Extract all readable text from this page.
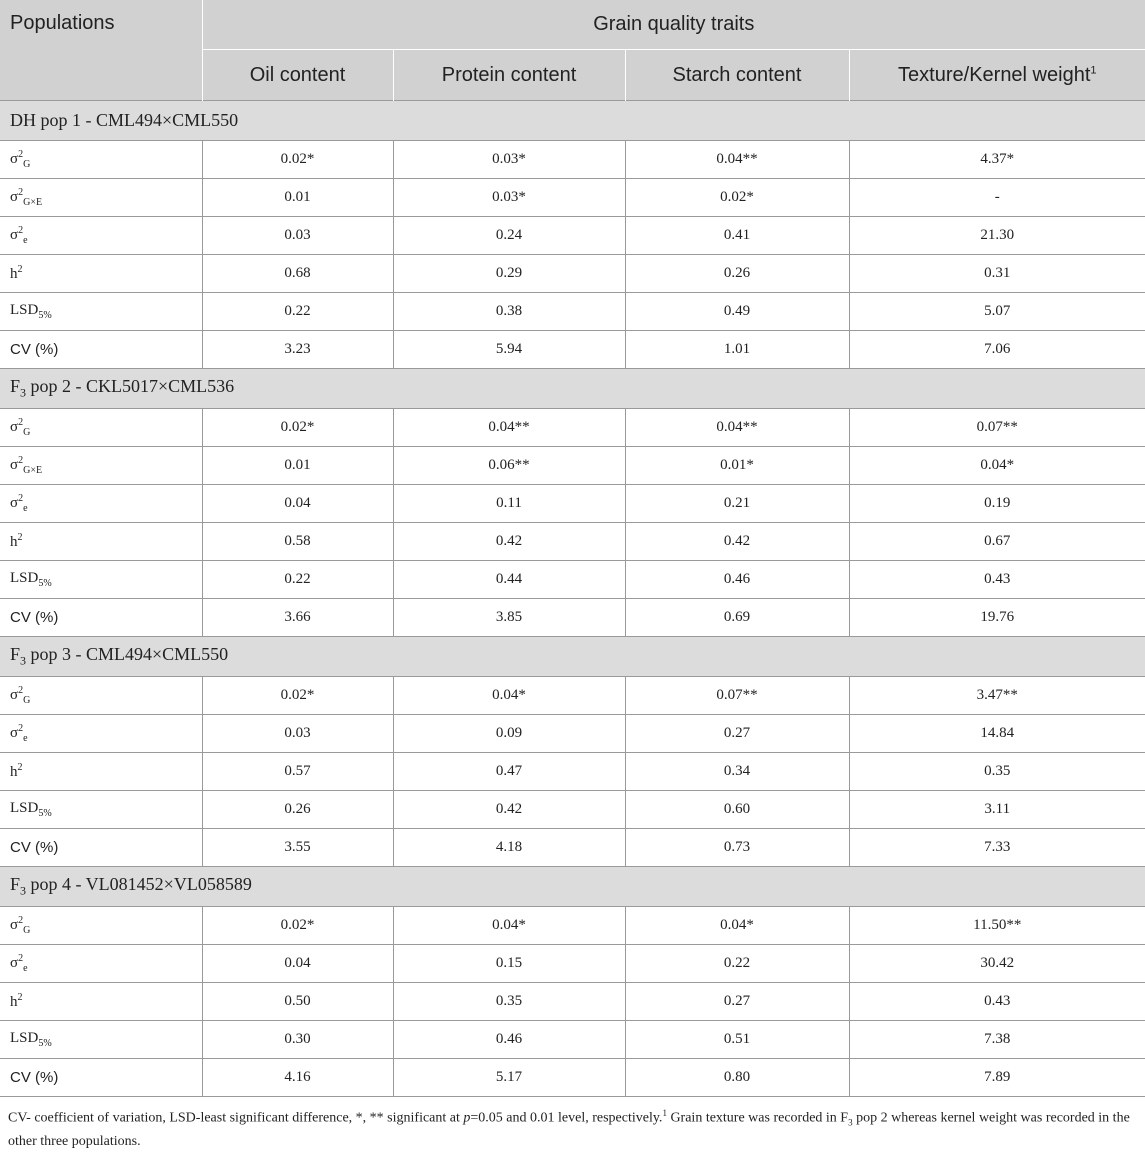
Populations	Grain quality traits			
	Oil content	Protein content	Starch content	Texture/Kernel weight$^1$
DH pop 1 - CML494×CML550				
$\sigma^2_G$	0.02*	0.03*	0.04**	4.37*
$\sigma^2_{G\times E}$	0.01	0.03*	0.02*	-
$\sigma^2_e$	0.03	0.24	0.41	21.30
$h^2$	0.68	0.29	0.26	0.31
$LSD_{5\%}$	0.22	0.38	0.49	5.07
CV (%)	3.23	5.94	1.01	7.06
$F_3$ pop 2 - CKL5017×CML536				
$\sigma^2_G$	0.02*	0.04**	0.04**	0.07**
$\sigma^2_{G\times E}$	0.01	0.06**	0.01*	0.04*
$\sigma^2_e$	0.04	0.11	0.21	0.19
$h^2$	0.58	0.42	0.42	0.67
$LSD_{5\%}$	0.22	0.44	0.46	0.43
CV (%)	3.66	3.85	0.69	19.76
$F_3$ pop 3 - CML494×CML550				
$\sigma^2_G$	0.02*	0.04*	0.07**	3.47**
$\sigma^2_e$	0.03	0.09	0.27	14.84
$h^2$	0.57	0.47	0.34	0.35
$LSD_{5\%}$	0.26	0.42	0.60	3.11
CV (%)	3.55	4.18	0.73	7.33
$F_3$ pop 4 - VL081452×VL058589				
$\sigma^2_G$	0.02*	0.04*	0.04*	11.50**
$\sigma^2_e$	0.04	0.15	0.22	30.42
$h^2$	0.50	0.35	0.27	0.43
$LSD_{5\%}$	0.30	0.46	0.51	7.38
CV (%)	4.16	5.17	0.80	7.89
CV- coefficient of variation, LSD-least significant difference, *, ** significant at p=0.05 and 0.01 level, respectively.$^1$ Grain texture was recorded in $F_3$ pop 2 whereas kernel weight was recorded in the other three populations.
